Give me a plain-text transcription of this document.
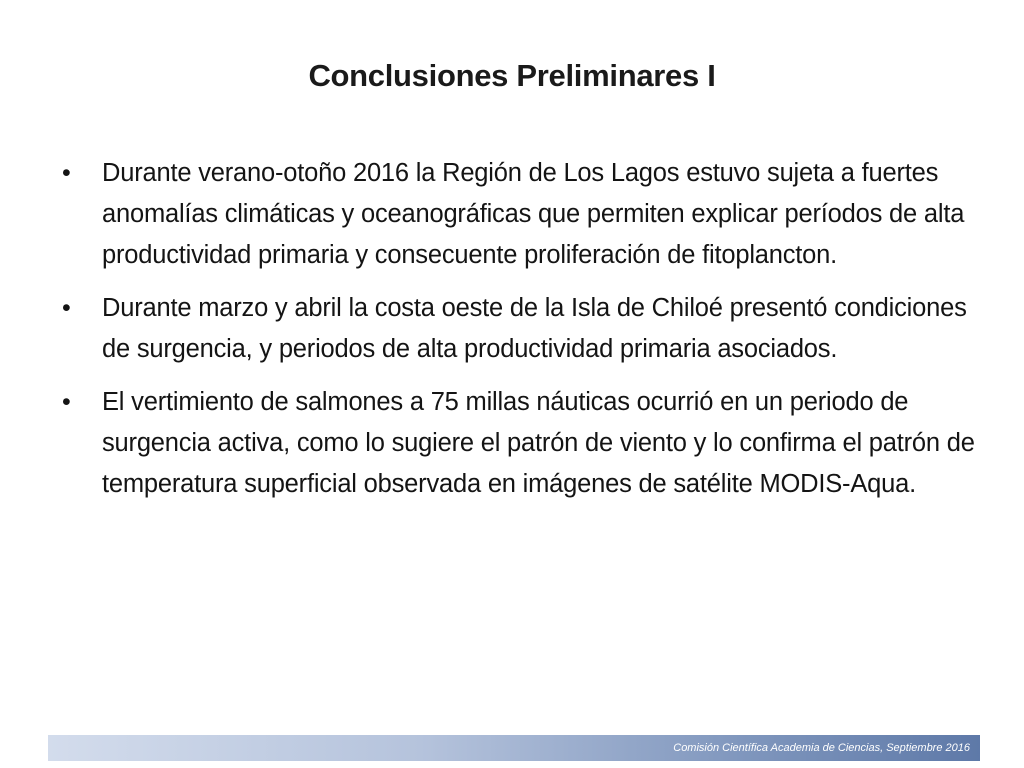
Conclusiones Preliminares I
• Durante verano-otoño 2016 la Región de Los Lagos estuvo sujeta a fuertes anomalías climáticas y oceanográficas que permiten explicar períodos de alta productividad primaria y consecuente proliferación de fitoplancton.
• Durante marzo y abril la costa oeste de la Isla de Chiloé presentó condiciones de surgencia, y periodos de alta productividad primaria asociados.
• El vertimiento de salmones a 75 millas náuticas ocurrió en un periodo de surgencia activa, como lo sugiere el patrón de viento y lo confirma el patrón de temperatura superficial observada en imágenes de satélite MODIS-Aqua.
Comisión Científica Academia de Ciencias, Septiembre 2016
